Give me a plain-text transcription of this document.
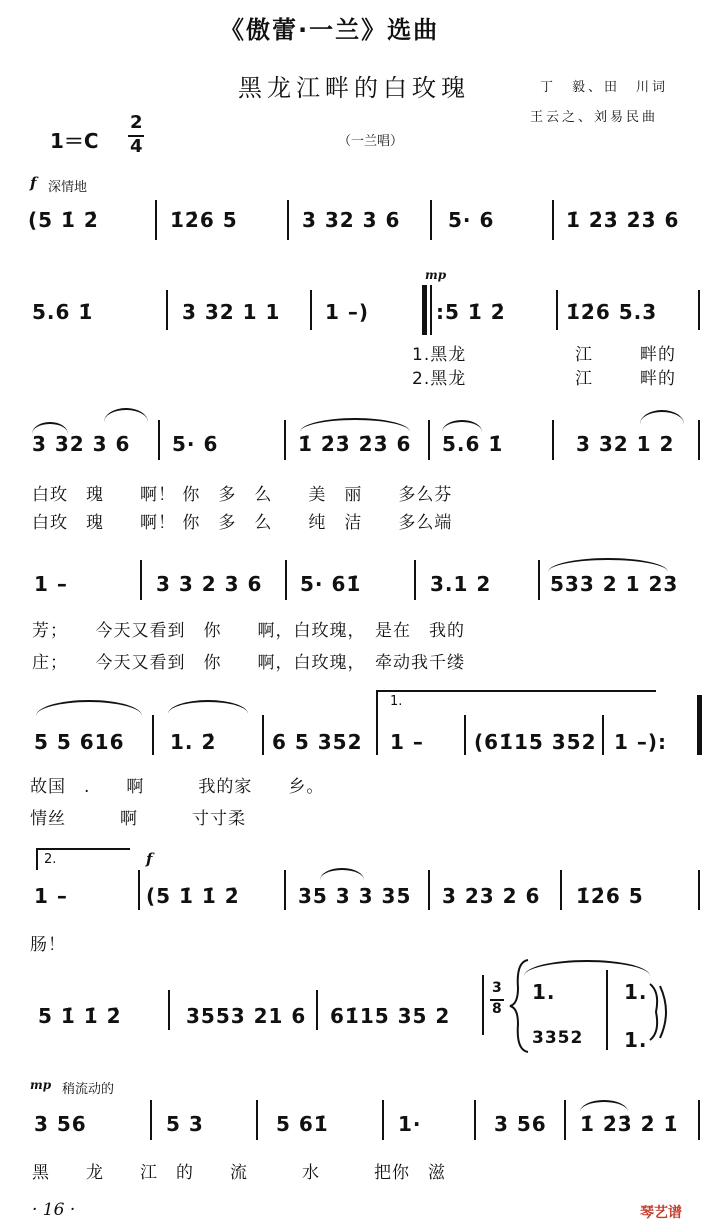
《傲蕾·一兰》选曲
黑龙江畔的白玫瑰	丁　毅、田　川词
王云之、刘易民曲
1＝C
2
4	（一兰唱）
f 深情地
(5 1̇ 2̇	1̇2̇6 5	3 32 3 6 5· 6	1̇ 2̇3̇ 2̇3̇ 6
mp
5.6 1̇	3 32 1 1 1 –)	:5 1̇ 2̇	1̇2̇6 5.3
1.黑龙	江	畔的
2.黑龙	江	畔的
3 32 3 6 5· 6	1̇ 2̇3̇ 2̇3̇ 6 5.6 1̇	3 32 1 2
白玫　瑰　　啊！ 你　多　么　　美　丽　　多么芬
白玫　瑰　　啊！ 你　多　么　　纯　洁　　多么端
1 –	3 3 2 3 6 5· 61̇	3.1 2	533 2 1 23
芳；　　今天又看到　你　　啊，白玫瑰，　是在　我的
庄；　　今天又看到　你　　啊，白玫瑰，　牵动我千缕
5 5 616 1. 2̇	6 5 352
1.
1 –	(61̇15 352 1 –):
故国　.　　啊　　　我的家　　乡。
情丝　　　啊　　　寸寸柔
2.	f
1 –	(5 1̇ 1̇ 2̇	35 3 3 35 3 23 2 6 1̇2̇6 5
肠！
5 1̇ 1̇ 2̇	3553 21 6 61̇15 35 2
3
8
1.
3352
1.
1.
mp 稍流动的
3 56	5 3	5 61̇	1·	3 56 1̇ 2̇3̇ 2̇ 1̇
黑　　龙　　江　的　　流　　　水　　　把你　滋
· 16 ·	琴艺谱
